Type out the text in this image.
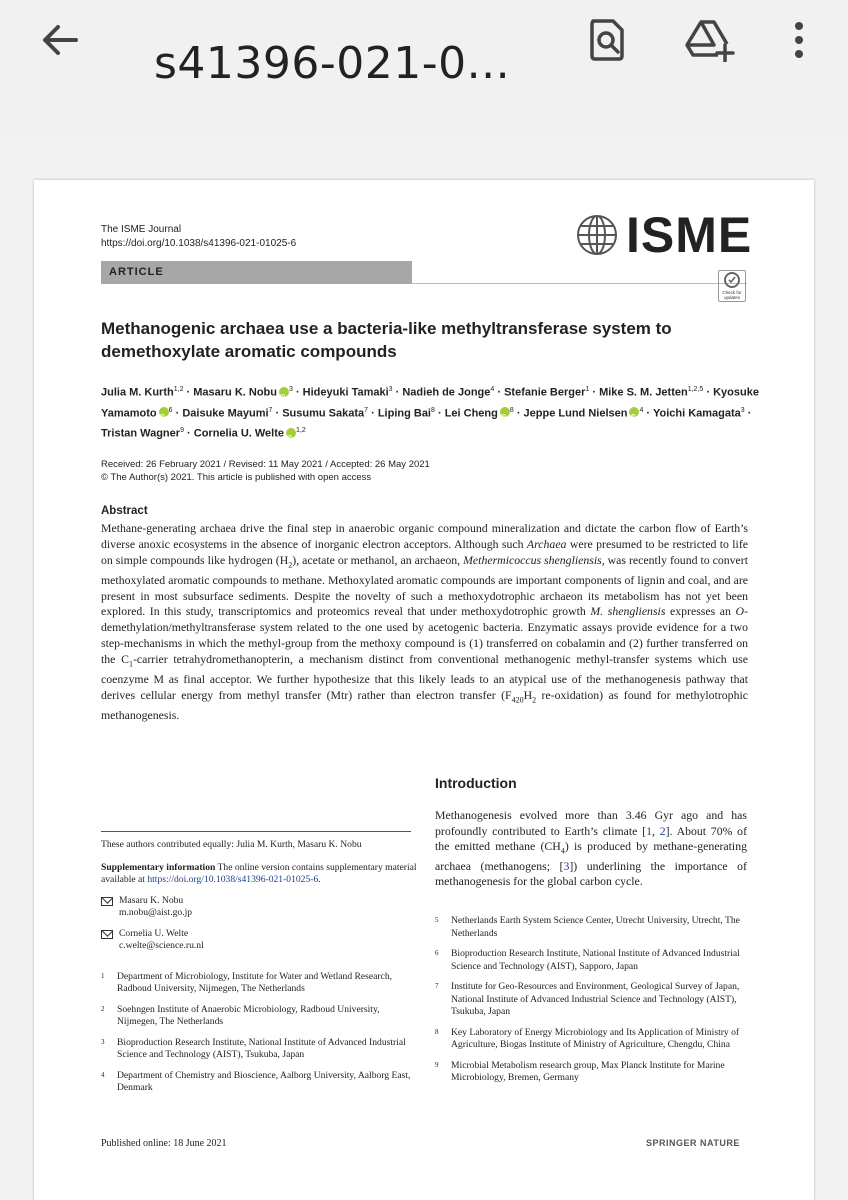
s41396-021-0...
The ISME Journal
https://doi.org/10.1038/s41396-021-01025-6	ISME
ARTICLE
Check for updates
Methanogenic archaea use a bacteria-like methyltransferase system to demethoxylate aromatic compounds
Julia M. Kurth$^{1,2}$ · Masaru K. Nobu iD $^3$ · Hideyuki Tamaki$^3$ · Nadieh de Jonge$^4$ · Stefanie Berger$^1$ · Mike S. M. Jetten$^{1,2,5}$ · Kyosuke Yamamoto iD $^6$ · Daisuke Mayumi$^7$ · Susumu Sakata$^7$ · Liping Bai$^8$ · Lei Cheng iD $^8$ · Jeppe Lund Nielsen iD $^4$ · Yoichi Kamagata$^3$ · Tristan Wagner$^9$ · Cornelia U. Welte iD $^{1,2}$
Received: 26 February 2021 / Revised: 11 May 2021 / Accepted: 26 May 2021
© The Author(s) 2021. This article is published with open access
Abstract
Methane-generating archaea drive the final step in anaerobic organic compound mineralization and dictate the carbon flow of Earth’s diverse anoxic ecosystems in the absence of inorganic electron acceptors. Although such Archaea were presumed to be restricted to life on simple compounds like hydrogen $(H_2)$, acetate or methanol, an archaeon, Methermicoccus shengliensis, was recently found to convert methoxylated aromatic compounds to methane. Methoxylated aromatic compounds are important components of lignin and coal, and are present in most subsurface sediments. Despite the novelty of such a methoxydotrophic archaeon its metabolism has not yet been explored. In this study, transcriptomics and proteomics reveal that under methoxydotrophic growth M. shengliensis expresses an O-demethylation/methyltransferase system related to the one used by acetogenic bacteria. Enzymatic assays provide evidence for a two step-mechanisms in which the methyl-group from the methoxy compound is (1) transferred on cobalamin and (2) further transferred on the $C_1$-carrier tetrahydromethanopterin, a mechanism distinct from conventional methanogenic methyl-transfer systems which use coenzyme M as final acceptor. We further hypothesize that this likely leads to an atypical use of the methanogenesis pathway that derives cellular energy from methyl transfer (Mtr) rather than electron transfer ($F_{420}H_2$ re-oxidation) as found for methylotrophic methanogenesis.
Introduction
Methanogenesis evolved more than 3.46 Gyr ago and has profoundly contributed to Earth’s climate [1, 2]. About 70% of the emitted methane $(CH_4)$ is produced by methane-generating archaea (methanogens; [3]) underlining the importance of methanogenesis for the global carbon cycle.
These authors contributed equally: Julia M. Kurth, Masaru K. Nobu
Supplementary information The online version contains supplementary material available at https://doi.org/10.1038/s41396-021-01025-6.
Masaru K. Nobu
m.nobu@aist.go.jp
Cornelia U. Welte
c.welte@science.ru.nl
1	Department of Microbiology, Institute for Water and Wetland Research, Radboud University, Nijmegen, The Netherlands
2	Soehngen Institute of Anaerobic Microbiology, Radboud University, Nijmegen, The Netherlands
3	Bioproduction Research Institute, National Institute of Advanced Industrial Science and Technology (AIST), Tsukuba, Japan
4	Department of Chemistry and Bioscience, Aalborg University, Aalborg East, Denmark
5	Netherlands Earth System Science Center, Utrecht University, Utrecht, The Netherlands
6	Bioproduction Research Institute, National Institute of Advanced Industrial Science and Technology (AIST), Sapporo, Japan
7	Institute for Geo-Resources and Environment, Geological Survey of Japan, National Institute of Advanced Industrial Science and Technology (AIST), Tsukuba, Japan
8	Key Laboratory of Energy Microbiology and Its Application of Ministry of Agriculture, Biogas Institute of Ministry of Agriculture, Chengdu, China
9	Microbial Metabolism research group, Max Planck Institute for Marine Microbiology, Bremen, Germany
Published online: 18 June 2021	SPRINGER NATURE
